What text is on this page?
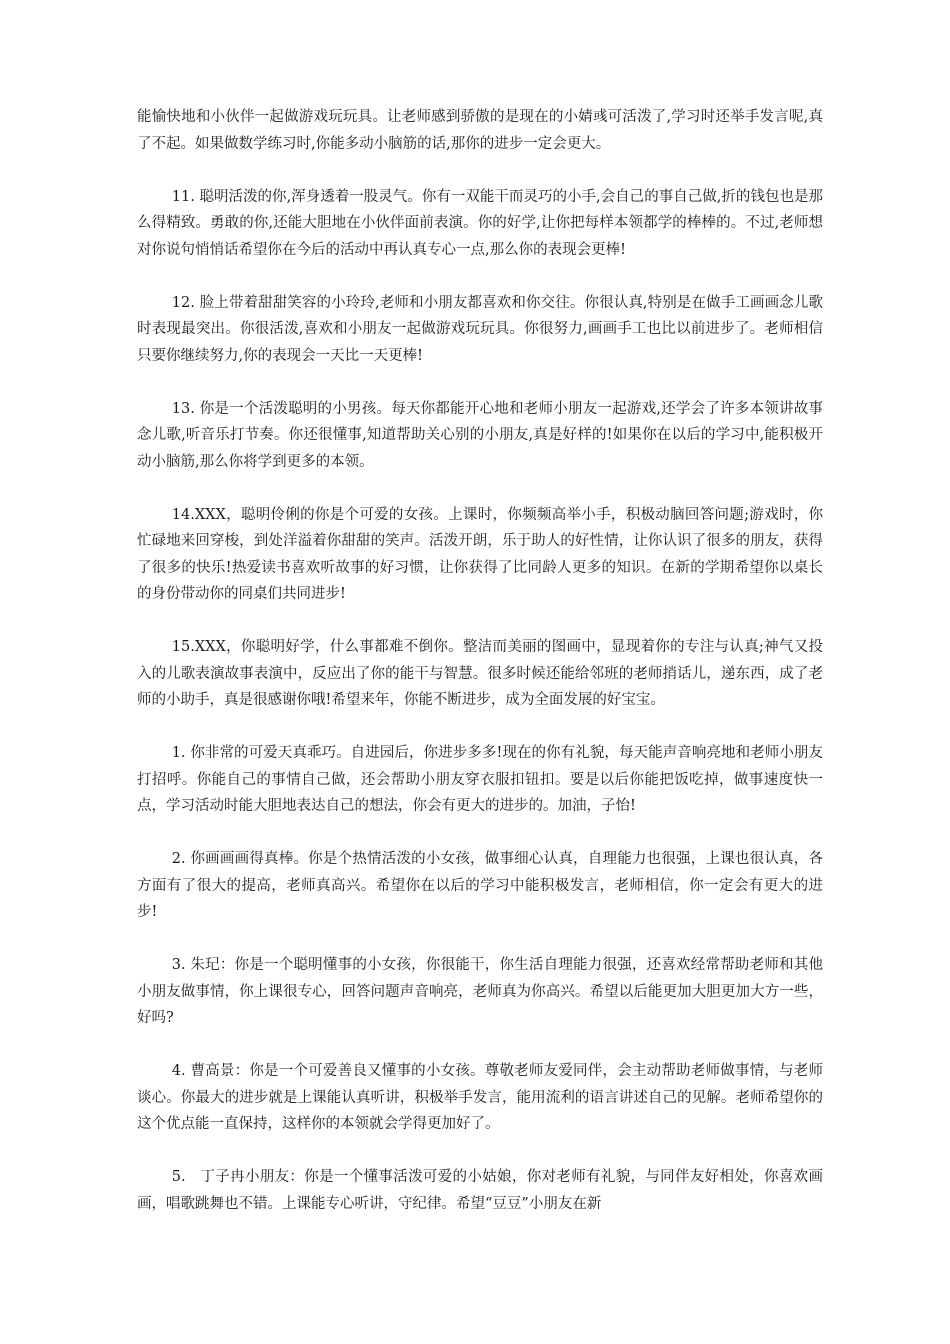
能愉快地和小伙伴一起做游戏玩玩具。让老师感到骄傲的是现在的小婧彧可活泼了,学习时还举手发言呢,真了不起。如果做数学练习时,你能多动小脑筋的话,那你的进步一定会更大。

11. 聪明活泼的你,浑身透着一股灵气。你有一双能干而灵巧的小手,会自己的事自己做,折的钱包也是那么得精致。勇敢的你,还能大胆地在小伙伴面前表演。你的好学,让你把每样本领都学的棒棒的。不过,老师想对你说句悄悄话希望你在今后的活动中再认真专心一点,那么你的表现会更棒!

12. 脸上带着甜甜笑容的小玲玲,老师和小朋友都喜欢和你交往。你很认真,特别是在做手工画画念儿歌时表现最突出。你很活泼,喜欢和小朋友一起做游戏玩玩具。你很努力,画画手工也比以前进步了。老师相信只要你继续努力,你的表现会一天比一天更棒!

13. 你是一个活泼聪明的小男孩。每天你都能开心地和老师小朋友一起游戏,还学会了许多本领讲故事念儿歌,听音乐打节奏。你还很懂事,知道帮助关心别的小朋友,真是好样的!如果你在以后的学习中,能积极开动小脑筋,那么你将学到更多的本领。

14.XXX，聪明伶俐的你是个可爱的女孩。上课时，你频频高举小手，积极动脑回答问题;游戏时，你忙碌地来回穿梭，到处洋溢着你甜甜的笑声。活泼开朗，乐于助人的好性情，让你认识了很多的朋友，获得了很多的快乐!热爱读书喜欢听故事的好习惯，让你获得了比同龄人更多的知识。在新的学期希望你以桌长的身份带动你的同桌们共同进步!

15.XXX，你聪明好学，什么事都难不倒你。整洁而美丽的图画中，显现着你的专注与认真;神气又投入的儿歌表演故事表演中，反应出了你的能干与智慧。很多时候还能给邻班的老师捎话儿，递东西，成了老师的小助手，真是很感谢你哦!希望来年，你能不断进步，成为全面发展的好宝宝。

1. 你非常的可爱天真乖巧。自进园后，你进步多多!现在的你有礼貌，每天能声音响亮地和老师小朋友打招呼。你能自己的事情自己做，还会帮助小朋友穿衣服扣钮扣。要是以后你能把饭吃掉，做事速度快一点，学习活动时能大胆地表达自己的想法，你会有更大的进步的。加油，子怡!

2. 你画画画得真棒。你是个热情活泼的小女孩，做事细心认真，自理能力也很强，上课也很认真，各方面有了很大的提高，老师真高兴。希望你在以后的学习中能积极发言，老师相信，你一定会有更大的进步!

3. 朱玘：你是一个聪明懂事的小女孩，你很能干，你生活自理能力很强，还喜欢经常帮助老师和其他小朋友做事情，你上课很专心，回答问题声音响亮，老师真为你高兴。希望以后能更加大胆更加大方一些，好吗?

4. 曹高景：你是一个可爱善良又懂事的小女孩。尊敬老师友爱同伴，会主动帮助老师做事情，与老师谈心。你最大的进步就是上课能认真听讲，积极举手发言，能用流利的语言讲述自己的见解。老师希望你的这个优点能一直保持，这样你的本领就会学得更加好了。

5.   丁子冉小朋友：你是一个懂事活泼可爱的小姑娘，你对老师有礼貌，与同伴友好相处，你喜欢画画，唱歌跳舞也不错。上课能专心听讲，守纪律。希望“豆豆”小朋友在新
